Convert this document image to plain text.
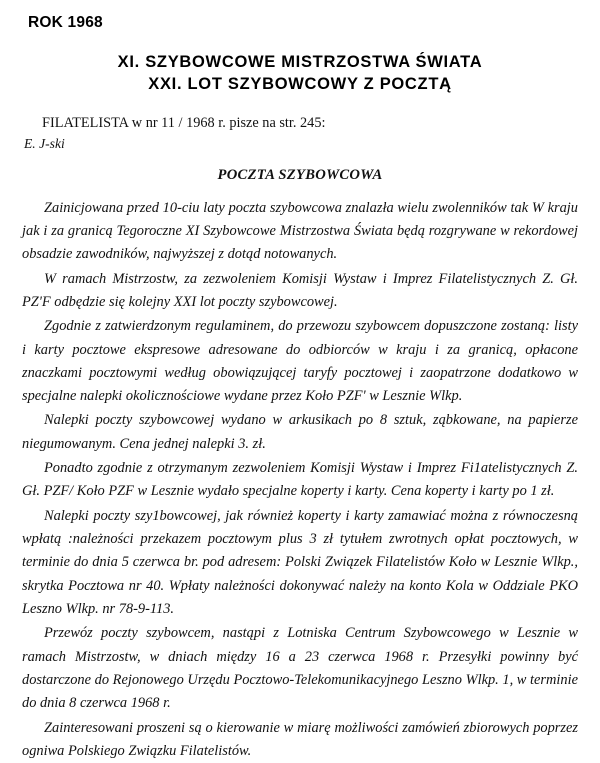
ROK 1968
XI. SZYBOWCOWE MISTRZOSTWA ŚWIATA
XXI. LOT SZYBOWCOWY Z POCZTĄ
FILATELISTA w nr 11 / 1968 r. pisze na str. 245:
E. J-ski
POCZTA SZYBOWCOWA

Zainicjowana przed 10-ciu laty poczta szybowcowa znalazła wielu zwolenników tak W kraju jak i za granicą Tegoroczne XI Szybowcowe Mistrzostwa Świata będą rozgrywane w rekordowej obsadzie zawodników, najwyższej z dotąd notowanych.

W ramach Mistrzostw, za zezwoleniem Komisji Wystaw i Imprez Filatelistycznych Z. Gł. PZ'F odbędzie się kolejny XXI lot poczty szybowcowej.

Zgodnie z zatwierdzonym regulaminem, do przewozu szybowcem dopuszczone zostaną: listy i karty pocztowe ekspresowe adresowane do odbiorców w kraju i za granicą, opłacone znaczkami pocztowymi według obowiązującej taryfy pocztowej i zaopatrzone dodatkowo w specjalne nalepki okolicznościowe wydane przez Koło PZF' w Lesznie Wlkp.

Nalepki poczty szybowcowej wydano w arkusikach po 8 sztuk, ząbkowane, na papierze niegumowanym. Cena jednej nalepki 3. zł.

Ponadto zgodnie z otrzymanym zezwoleniem Komisji Wystaw i Imprez Fi1atelistycznych Z. Gł. PZF/ Koło PZF w Lesznie wydało specjalne koperty i karty. Cena koperty i karty po 1 zł.

Nalepki poczty szy1bowcowej, jak również koperty i karty zamawiać można z równoczesną wpłatą :należności przekazem pocztowym plus 3 zł tytułem zwrotnych opłat pocztowych, w terminie do dnia 5 czerwca br. pod adresem: Polski Związek Filatelistów Koło w Lesznie Wlkp., skrytka Pocztowa nr 40. Wpłaty należności dokonywać należy na konto Kola w Oddziale PKO Leszno Wlkp. nr 78-9-113.

Przewóz poczty szybowcem, nastąpi z Lotniska Centrum Szybowcowego w Lesznie w ramach Mistrzostw, w dniach między 16 a 23 czerwca 1968 r. Przesyłki powinny być dostarczone do Rejonowego Urzędu Pocztowo-Telekomunikacyjnego Leszno Wlkp. 1, w terminie do dnia 8 czerwca 1968 r.

Zainteresowani proszeni są o kierowanie w miarę możliwości zamówień zbiorowych poprzez ogniwa Polskiego Związku Filatelistów.
